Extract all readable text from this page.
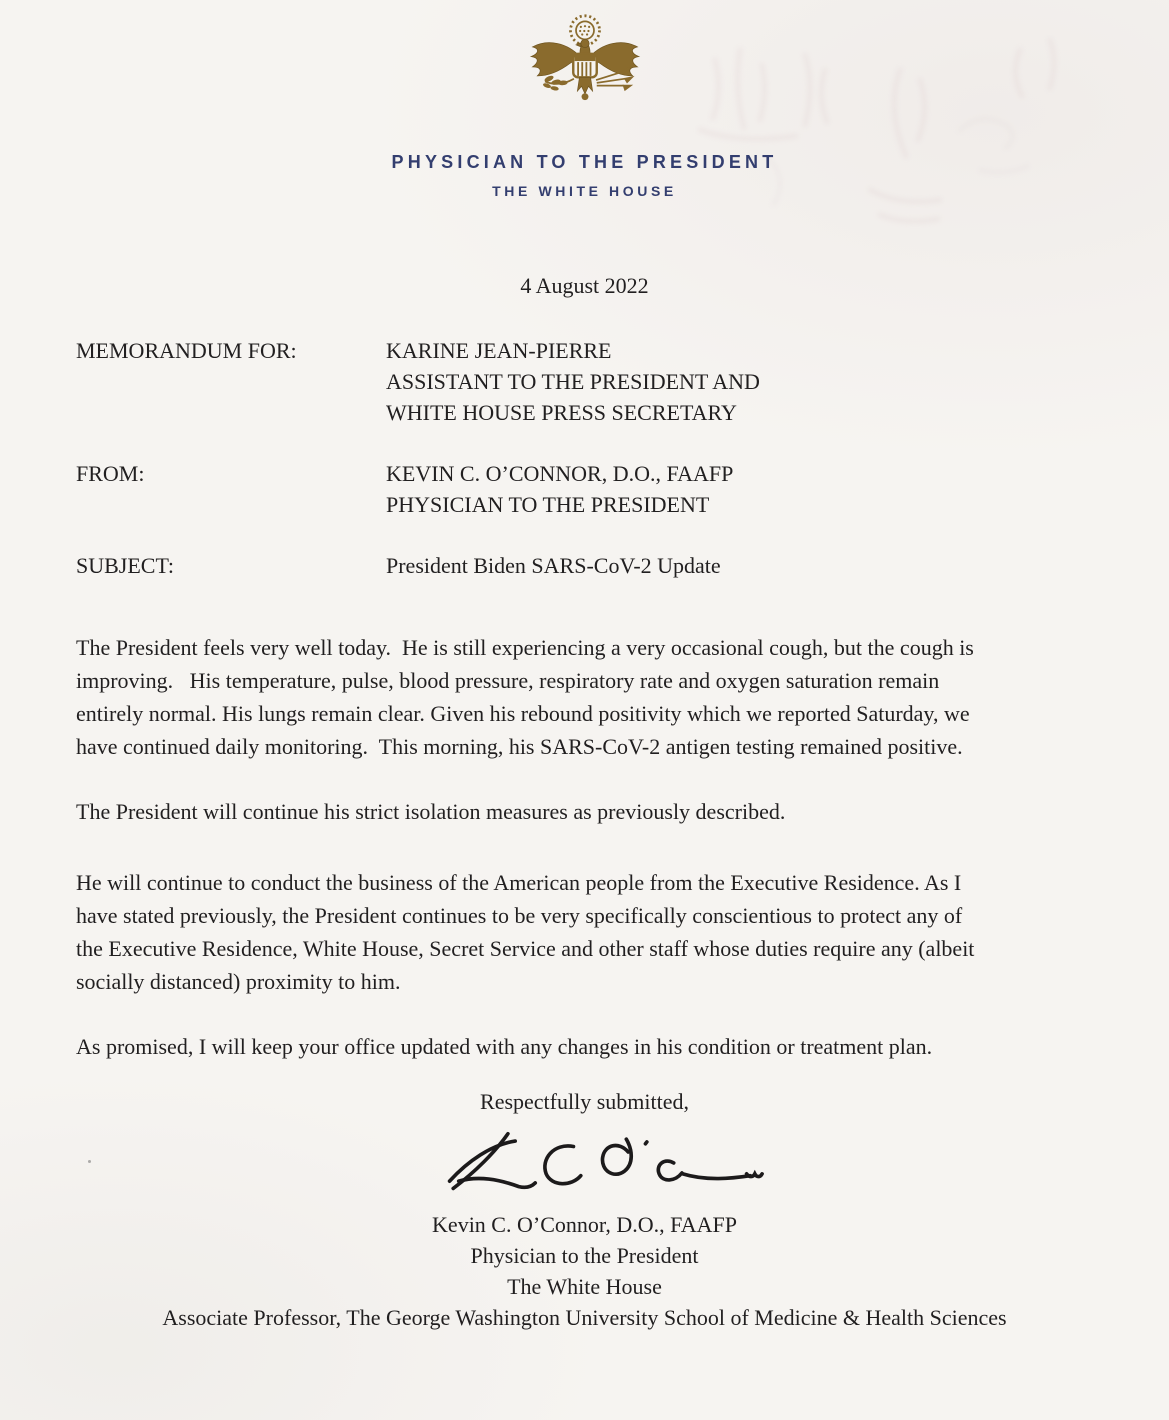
PHYSICIAN TO THE PRESIDENT
THE WHITE HOUSE
4 August 2022
MEMORANDUM FOR:	KARINE JEAN-PIERRE
ASSISTANT TO THE PRESIDENT AND
WHITE HOUSE PRESS SECRETARY
FROM:	KEVIN C. O’CONNOR, D.O., FAAFP
PHYSICIAN TO THE PRESIDENT
SUBJECT:	President Biden SARS-CoV-2 Update
The President feels very well today.  He is still experiencing a very occasional cough, but the cough is
improving.   His temperature, pulse, blood pressure, respiratory rate and oxygen saturation remain
entirely normal. His lungs remain clear. Given his rebound positivity which we reported Saturday, we
have continued daily monitoring.  This morning, his SARS-CoV-2 antigen testing remained positive.
The President will continue his strict isolation measures as previously described.
He will continue to conduct the business of the American people from the Executive Residence. As I
have stated previously, the President continues to be very specifically conscientious to protect any of
the Executive Residence, White House, Secret Service and other staff whose duties require any (albeit
socially distanced) proximity to him.
As promised, I will keep your office updated with any changes in his condition or treatment plan.
Respectfully submitted,
Kevin C. O’Connor, D.O., FAAFP
Physician to the President
The White House
Associate Professor, The George Washington University School of Medicine & Health Sciences
